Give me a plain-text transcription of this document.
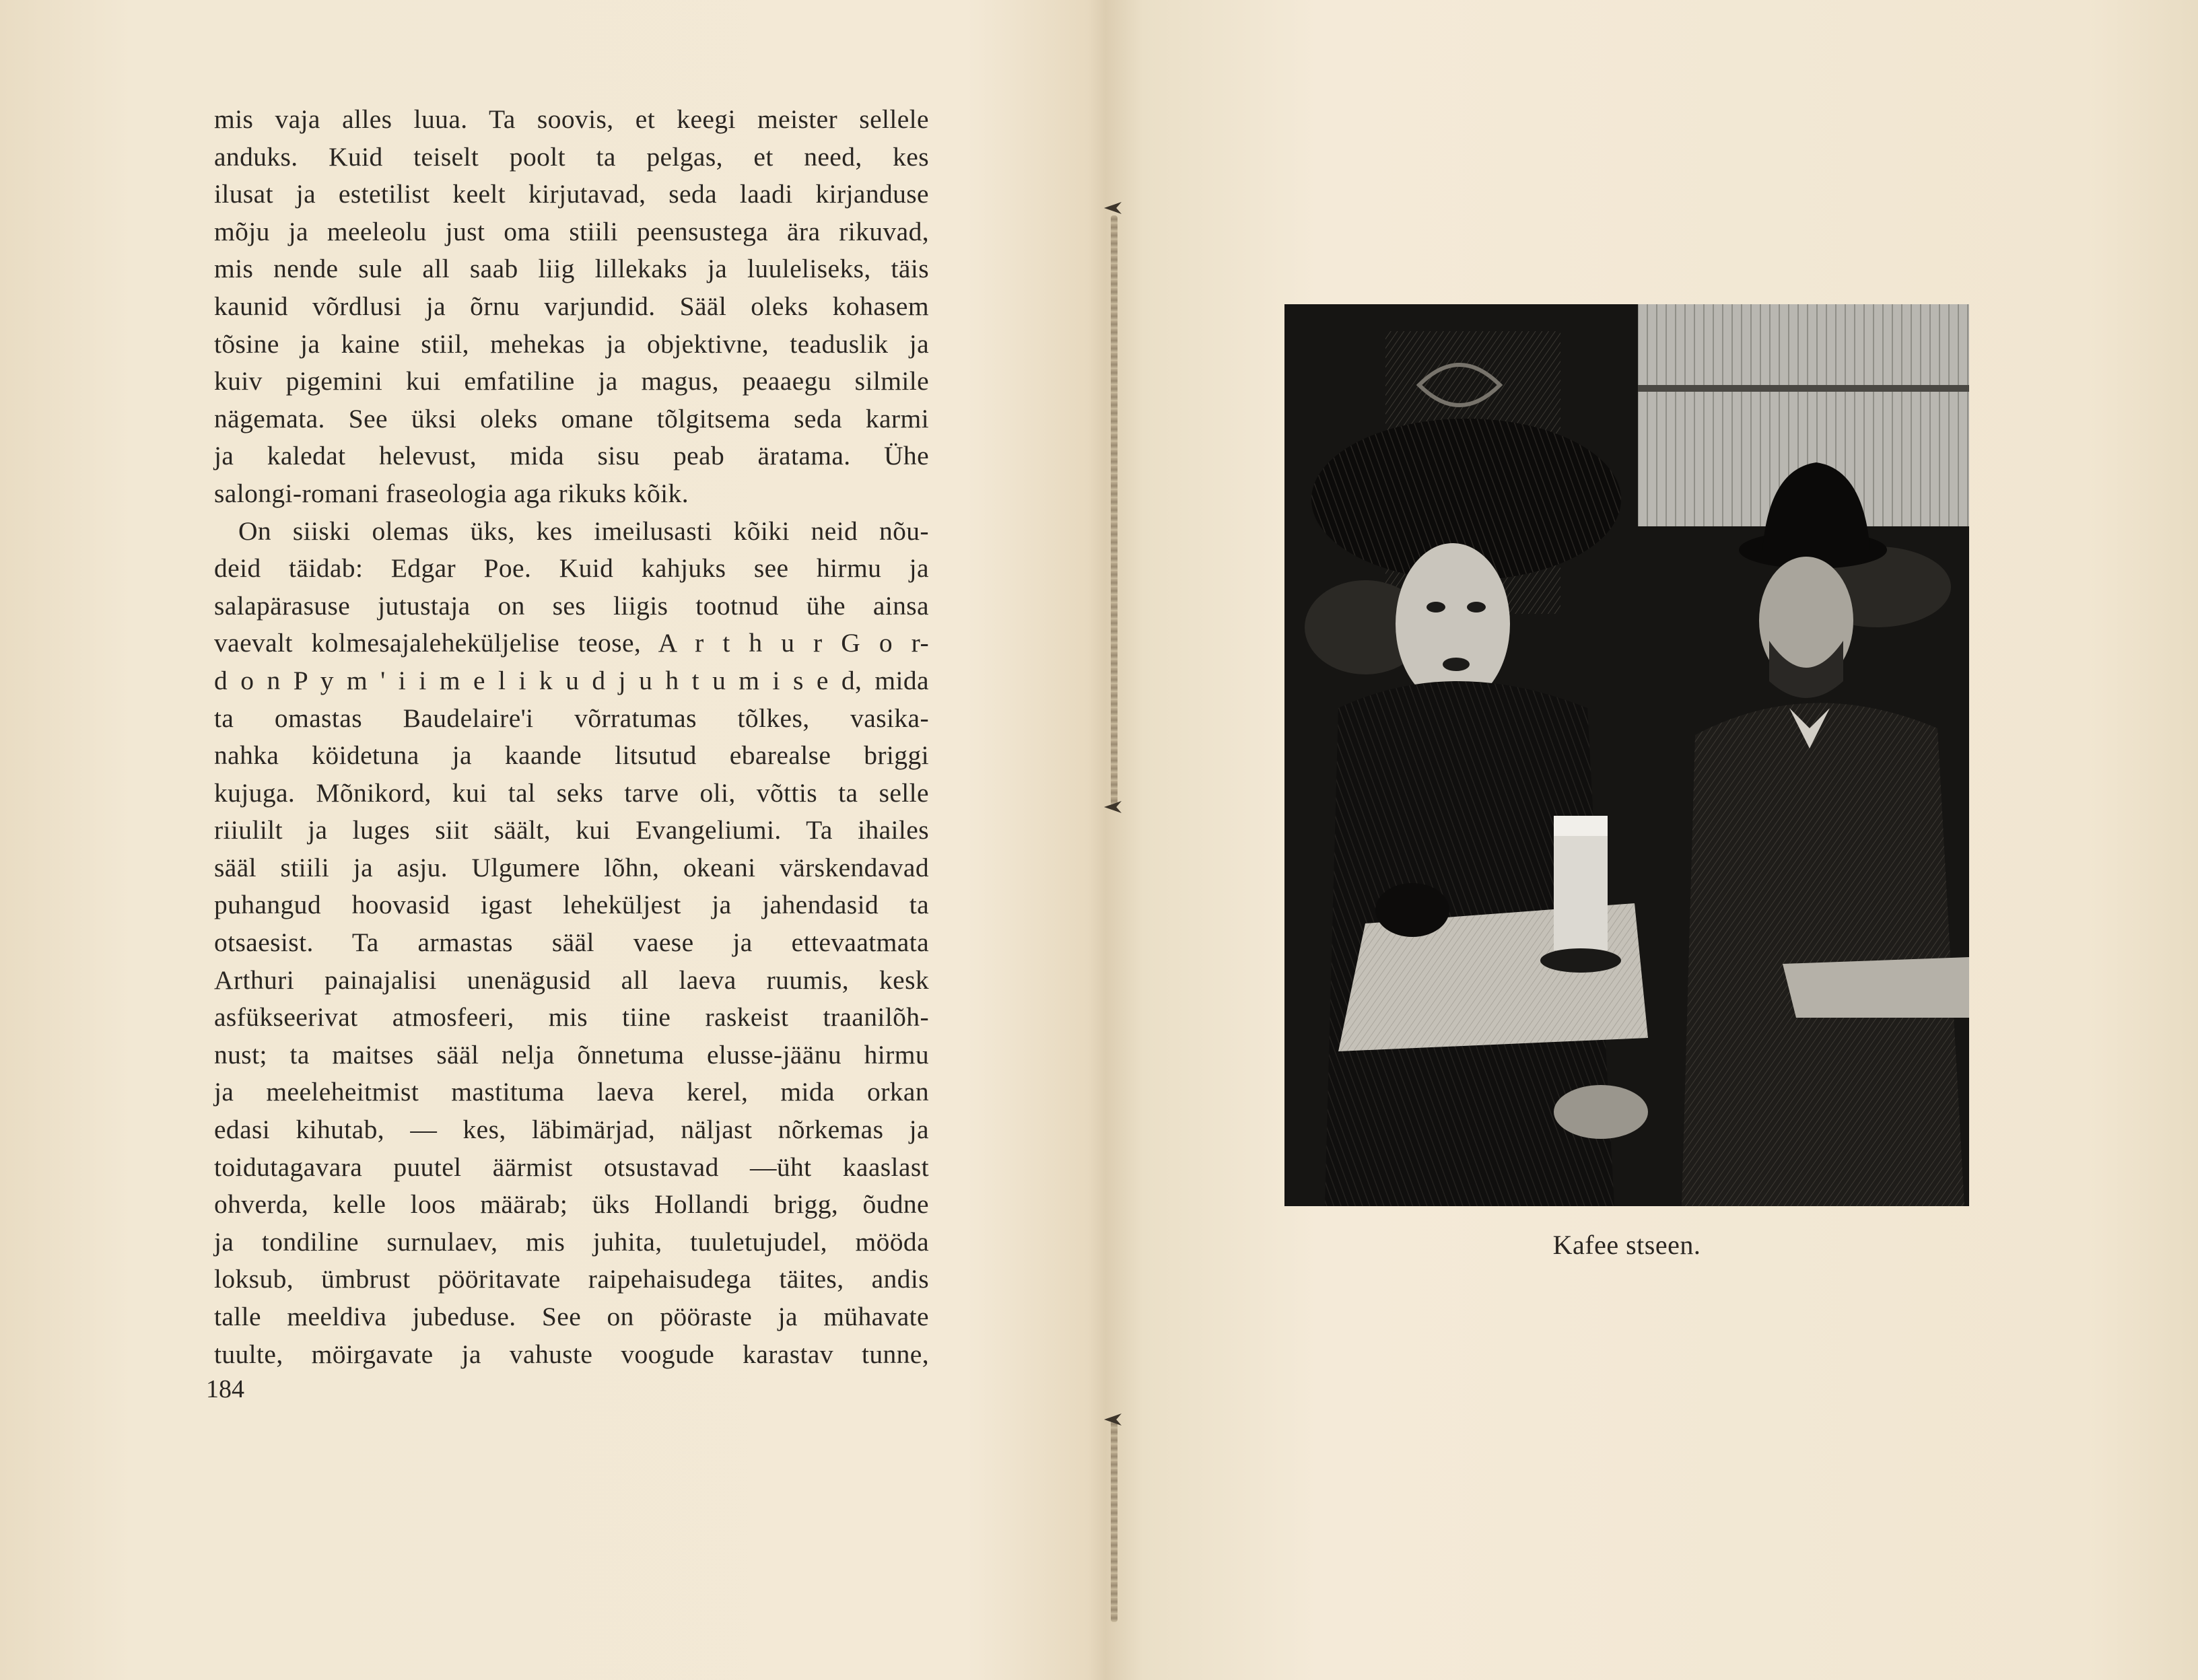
mis vaja alles luua. Ta soovis, et keegi meister sellele
anduks. Kuid teiselt poolt ta pelgas, et need, kes
ilusat ja estetilist keelt kirjutavad, seda laadi kirjanduse
mõju ja meeleolu just oma stiili peensustega ära rikuvad,
mis nende sule all saab liig lillekaks ja luuleliseks, täis
kaunid võrdlusi ja õrnu varjundid. Sääl oleks kohasem
tõsine ja kaine stiil, mehekas ja objektivne, teaduslik ja
kuiv pigemini kui emfatiline ja magus, peaaegu silmile
nägemata. See üksi oleks omane tõlgitsema seda karmi
ja kaledat helevust, mida sisu peab äratama. Ühe
salongi-romani fraseologia aga rikuks kõik.
On siiski olemas üks, kes imeilusasti kõiki neid nõu-
deid täidab: Edgar Poe. Kuid kahjuks see hirmu ja
salapärasuse jutustaja on ses liigis tootnud ühe ainsa
vaevalt kolmesajaleheküljelise teose, A r t h u r G o r-
d o n P y m ' i i m e l i k u d j u h t u m i s e d, mida
ta omastas Baudelaire'i võrratumas tõlkes, vasika-
nahka köidetuna ja kaande litsutud ebarealse briggi
kujuga. Mõnikord, kui tal seks tarve oli, võttis ta selle
riiulilt ja luges siit säält, kui Evangeliumi. Ta ihailes
sääl stiili ja asju. Ulgumere lõhn, okeani värskendavad
puhangud hoovasid igast leheküljest ja jahendasid ta
otsaesist. Ta armastas sääl vaese ja ettevaatmata
Arthuri painajalisi unenägusid all laeva ruumis, kesk
asfükseerivat atmosfeeri, mis tiine raskeist traanilõh-
nust; ta maitses sääl nelja õnnetuma elusse-jäänu hirmu
ja meeleheitmist mastituma laeva kerel, mida orkan
edasi kihutab, — kes, läbimärjad, näljast nõrkemas ja
toidutagavara puutel äärmist otsustavad —üht kaaslast
ohverda, kelle loos määrab; üks Hollandi brigg, õudne
ja tondiline surnulaev, mis juhita, tuuletujudel, mööda
loksub, ümbrust pööritavate raipehaisudega täites, andis
talle meeldiva jubeduse. See on pööraste ja mühavate
tuulte, möirgavate ja vahuste voogude karastav tunne,
184
Kafee stseen.
